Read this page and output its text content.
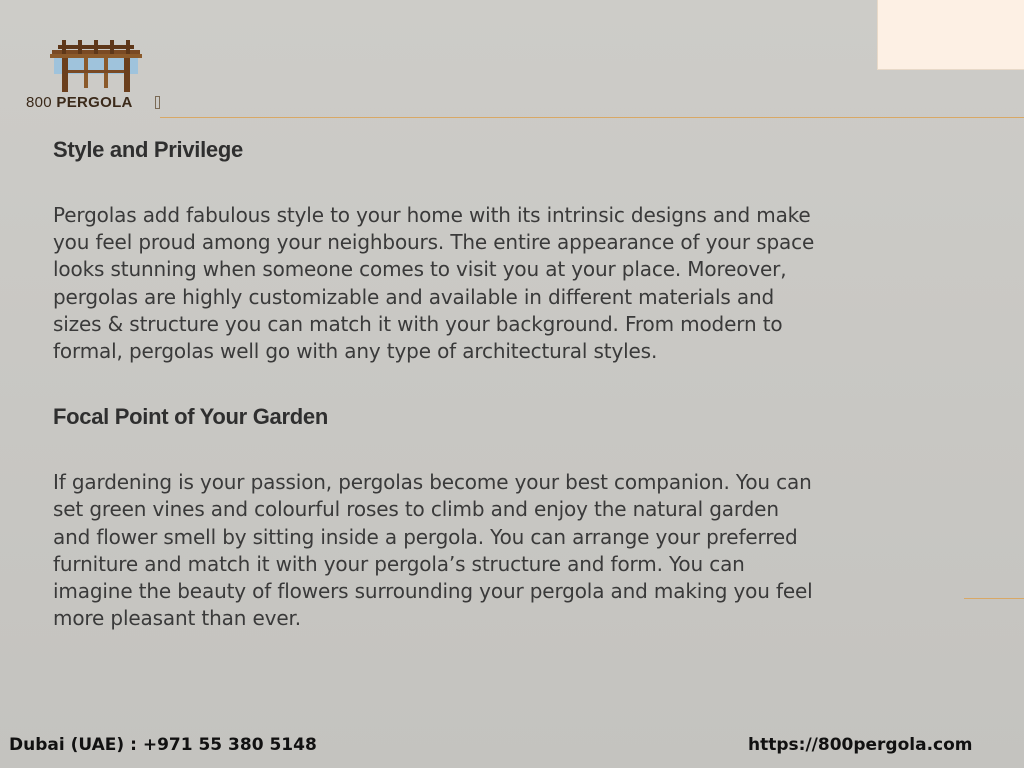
800 PERGOLA
Style and Privilege

Pergolas add fabulous style to your home with its intrinsic designs and make
you feel proud among your neighbours. The entire appearance of your space
looks stunning when someone comes to visit you at your place. Moreover,
pergolas are highly customizable and available in different materials and
sizes & structure you can match it with your background. From modern to
formal, pergolas well go with any type of architectural styles.

Focal Point of Your Garden

If gardening is your passion, pergolas become your best companion. You can
set green vines and colourful roses to climb and enjoy the natural garden
and flower smell by sitting inside a pergola. You can arrange your preferred
furniture and match it with your pergola’s structure and form. You can
imagine the beauty of flowers surrounding your pergola and making you feel
more pleasant than ever.

Dubai (UAE) : +971 55 380 5148	https://800pergola.com
